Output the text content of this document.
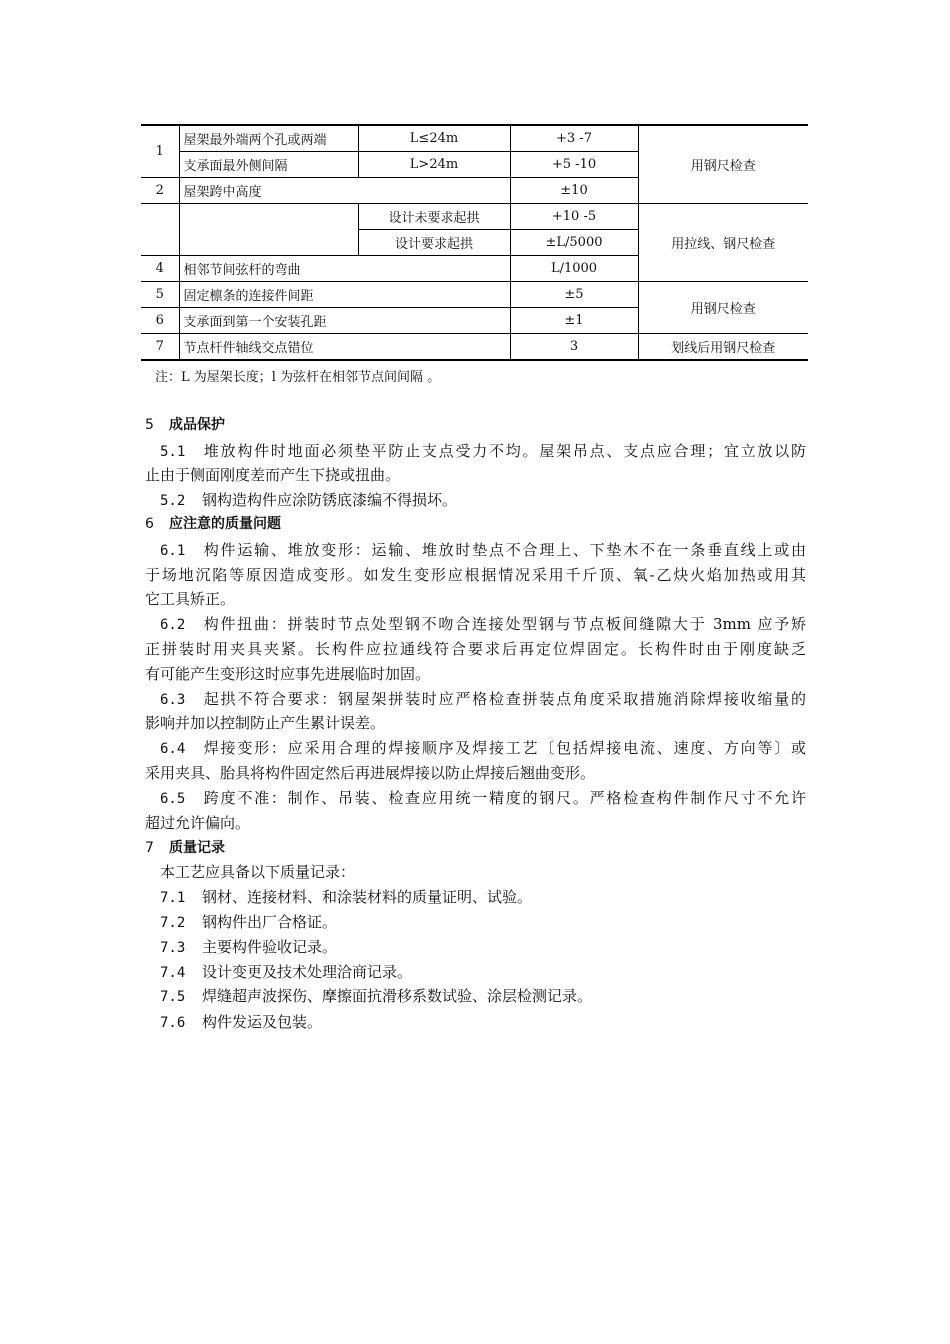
1	屋架最外端两个孔或两端	L≤24m	+3 -7	用钢尺检查
	支承面最外侧间隔	L>24m	+5 -10	
2	屋架跨中高度		±10	
		设计未要求起拱	+10 -5	用拉线、钢尺检查
		设计要求起拱	±L/5000	
4	相邻节间弦杆的弯曲		L/1000	
5	固定檩条的连接件间距		±5	用钢尺检查
6	支承面到第一个安装孔距		±1	
7	节点杆件轴线交点错位		3	划线后用钢尺检查
注：L 为屋架长度；l 为弦杆在相邻节点间间隔 。
5 成品保护
5.1 堆放构件时地面必须垫平防止支点受力不均。屋架吊点、支点应合理；宜立放以防
止由于侧面刚度差而产生下挠或扭曲。
5.2 钢构造构件应涂防锈底漆编不得损坏。
6 应注意的质量问题
6.1 构件运输、堆放变形：运输、堆放时垫点不合理上、下垫木不在一条垂直线上或由
于场地沉陷等原因造成变形。如发生变形应根据情况采用千斤顶、氧-乙炔火焰加热或用其
它工具矫正。
6.2 构件扭曲：拼装时节点处型钢不吻合连接处型钢与节点板间缝隙大于 3mm 应予矫
正拼装时用夹具夹紧。长构件应拉通线符合要求后再定位焊固定。长构件时由于刚度缺乏
有可能产生变形这时应事先进展临时加固。
6.3 起拱不符合要求：钢屋架拼装时应严格检查拼装点角度采取措施消除焊接收缩量的
影响并加以控制防止产生累计误差。
6.4 焊接变形：应采用合理的焊接顺序及焊接工艺〔包括焊接电流、速度、方向等〕或
采用夹具、胎具将构件固定然后再进展焊接以防止焊接后翘曲变形。
6.5 跨度不准：制作、吊装、检查应用统一精度的钢尺。严格检查构件制作尺寸不允许
超过允许偏向。
7 质量记录
本工艺应具备以下质量记录：
7.1 钢材、连接材料、和涂装材料的质量证明、试验。
7.2 钢构件出厂合格证。
7.3 主要构件验收记录。
7.4 设计变更及技术处理洽商记录。
7.5 焊缝超声波探伤、摩擦面抗滑移系数试验、涂层检测记录。
7.6 构件发运及包装。
